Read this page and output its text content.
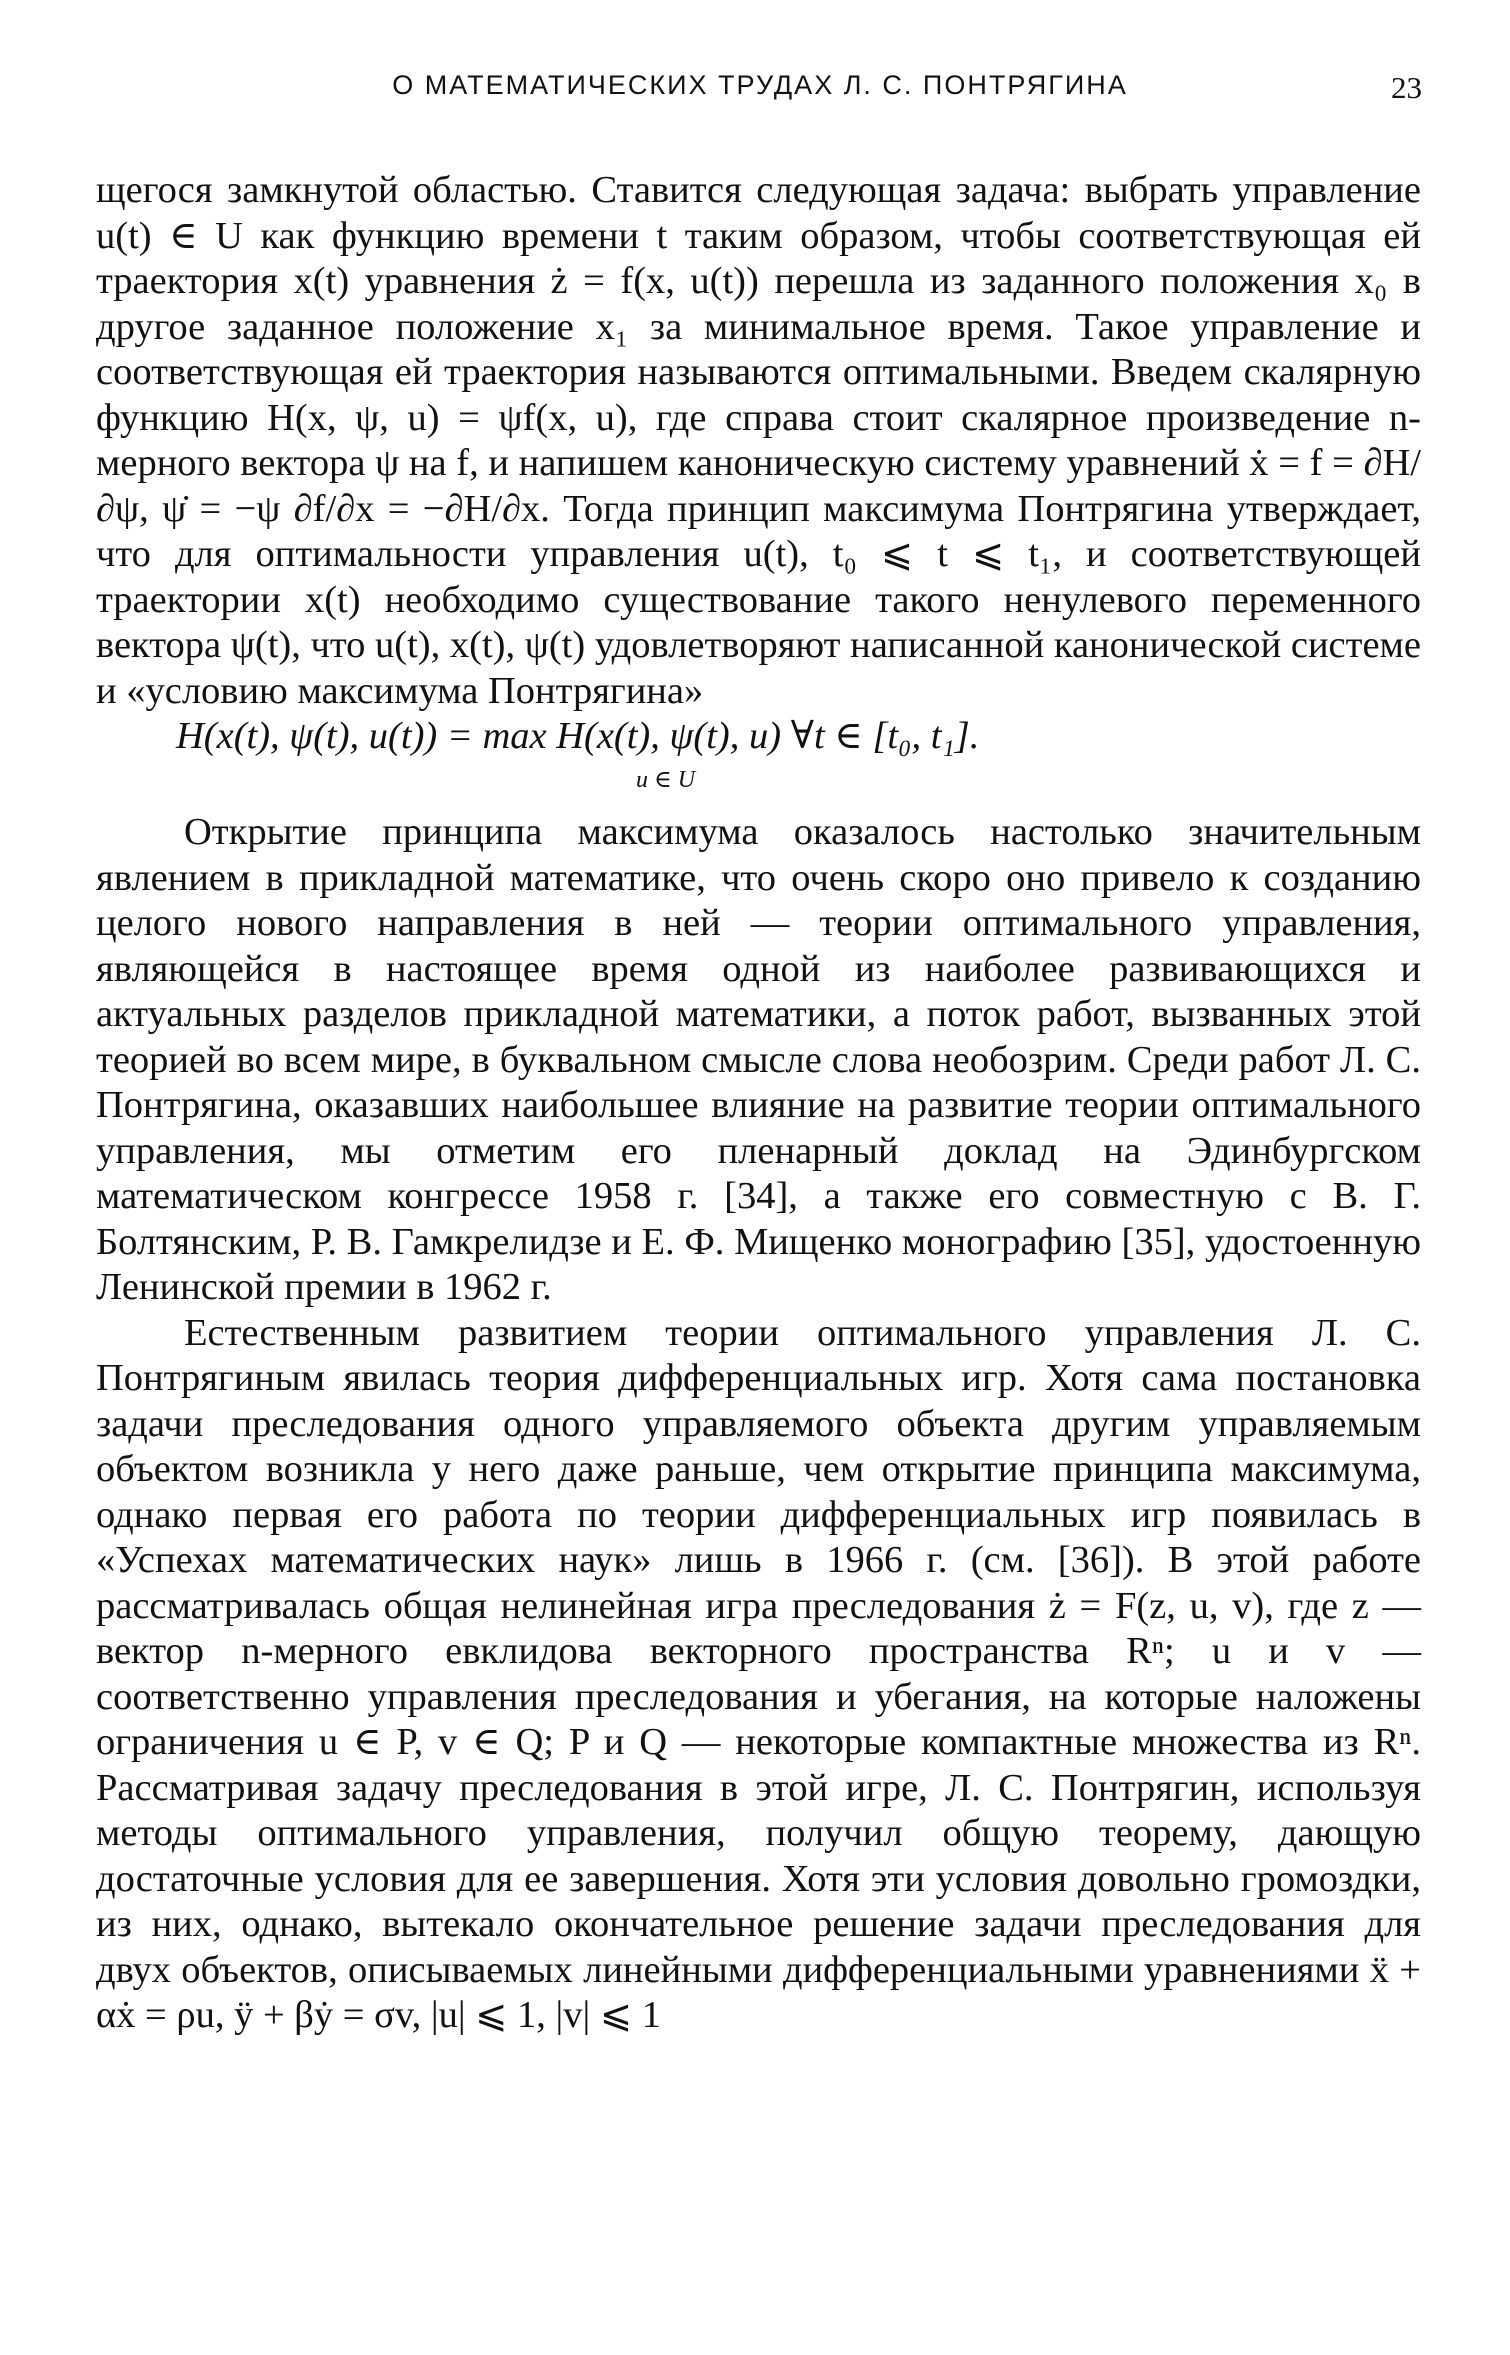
О МАТЕМАТИЧЕСКИХ ТРУДАХ Л. С. ПОНТРЯГИНА	23

щегося замкнутой областью. Ставится следующая задача: выбрать управление u(t) ∈ U как функцию времени t таким образом, чтобы соответствующая ей траектория x(t) уравнения ż = f(x, u(t)) перешла из заданного положения x₀ в другое заданное положение x₁ за минимальное время. Такое управление и соответствующая ей траектория называются оптимальными. Введем скалярную функцию H(x, ψ, u) = ψf(x, u), где справа стоит скалярное произведение n-мерного вектора ψ на f, и напишем каноническую систему уравнений ẋ = f = ∂H/∂ψ, ψ̇ = −ψ ∂f/∂x = −∂H/∂x. Тогда принцип максимума Понтрягина утверждает, что для оптимальности управления u(t), t₀ ⩽ t ⩽ t₁, и соответствующей траектории x(t) необходимо существование такого ненулевого переменного вектора ψ(t), что u(t), x(t), ψ(t) удовлетворяют написанной канонической системе и «условию максимума Понтрягина»

H(x(t), ψ(t), u(t)) = max H(x(t), ψ(t), u) ∀t ∈ [t₀, t₁].
u ∈ U

Открытие принципа максимума оказалось настолько значительным явлением в прикладной математике, что очень скоро оно привело к созданию целого нового направления в ней — теории оптимального управления, являющейся в настоящее время одной из наиболее развивающихся и актуальных разделов прикладной математики, а поток работ, вызванных этой теорией во всем мире, в буквальном смысле слова необозрим. Среди работ Л. С. Понтрягина, оказавших наибольшее влияние на развитие теории оптимального управления, мы отметим его пленарный доклад на Эдинбургском математическом конгрессе 1958 г. [34], а также его совместную с В. Г. Болтянским, Р. В. Гамкрелидзе и Е. Ф. Мищенко монографию [35], удостоенную Ленинской премии в 1962 г.

Естественным развитием теории оптимального управления Л. С. Понтрягиным явилась теория дифференциальных игр. Хотя сама постановка задачи преследования одного управляемого объекта другим управляемым объектом возникла у него даже раньше, чем открытие принципа максимума, однако первая его работа по теории дифференциальных игр появилась в «Успехах математических наук» лишь в 1966 г. (см. [36]). В этой работе рассматривалась общая нелинейная игра преследования ż = F(z, u, v), где z — вектор n-мерного евклидова векторного пространства Rⁿ; u и v — соответственно управления преследования и убегания, на которые наложены ограничения u ∈ P, v ∈ Q; P и Q — некоторые компактные множества из Rⁿ. Рассматривая задачу преследования в этой игре, Л. С. Понтрягин, используя методы оптимального управления, получил общую теорему, дающую достаточные условия для ее завершения. Хотя эти условия довольно громоздки, из них, однако, вытекало окончательное решение задачи преследования для двух объектов, описываемых линейными дифференциальными уравнениями ẍ + αẋ = ρu, ÿ + βẏ = σv, |u| ⩽ 1, |v| ⩽ 1
